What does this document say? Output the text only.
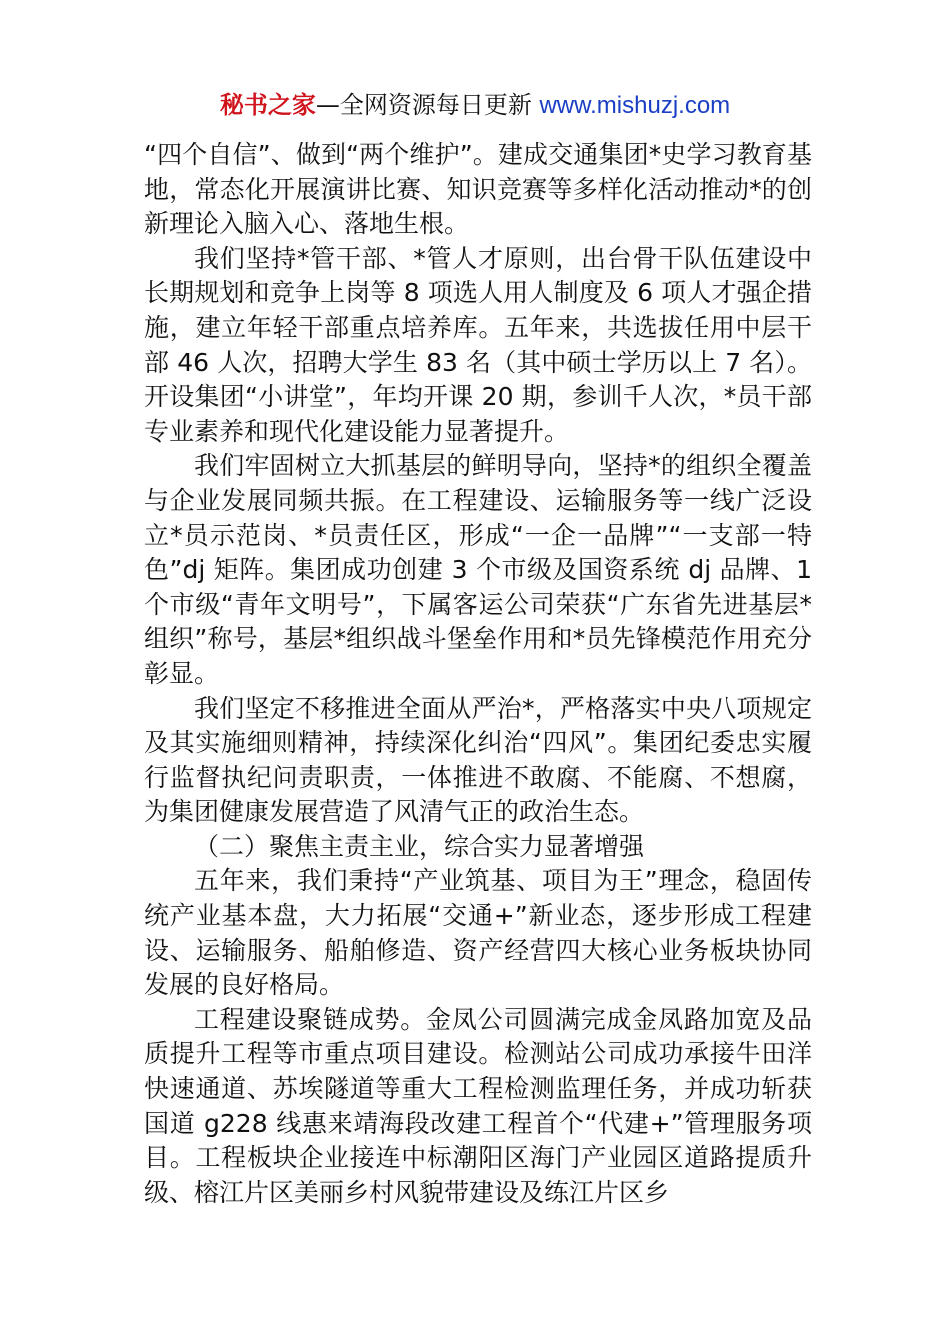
秘书之家—全网资源每日更新 www.mishuzj.com

“四个自信”、做到“两个维护”。建成交通集团*史学习教育基地，常态化开展演讲比赛、知识竞赛等多样化活动推动*的创新理论入脑入心、落地生根。

我们坚持*管干部、*管人才原则，出台骨干队伍建设中长期规划和竞争上岗等 8 项选人用人制度及 6 项人才强企措施，建立年轻干部重点培养库。五年来，共选拔任用中层干部 46 人次，招聘大学生 83 名（其中硕士学历以上 7 名）。开设集团“小讲堂”，年均开课 20 期，参训千人次，*员干部专业素养和现代化建设能力显著提升。

我们牢固树立大抓基层的鲜明导向，坚持*的组织全覆盖与企业发展同频共振。在工程建设、运输服务等一线广泛设立*员示范岗、*员责任区，形成“一企一品牌”“一支部一特色”dj 矩阵。集团成功创建 3 个市级及国资系统 dj 品牌、1 个市级“青年文明号”，下属客运公司荣获“广东省先进基层*组织”称号，基层*组织战斗堡垒作用和*员先锋模范作用充分彰显。

我们坚定不移推进全面从严治*，严格落实中央八项规定及其实施细则精神，持续深化纠治“四风”。集团纪委忠实履行监督执纪问责职责，一体推进不敢腐、不能腐、不想腐，为集团健康发展营造了风清气正的政治生态。

（二）聚焦主责主业，综合实力显著增强

五年来，我们秉持“产业筑基、项目为王”理念，稳固传统产业基本盘，大力拓展“交通+”新业态，逐步形成工程建设、运输服务、船舶修造、资产经营四大核心业务板块协同发展的良好格局。

工程建设聚链成势。金凤公司圆满完成金凤路加宽及品质提升工程等市重点项目建设。检测站公司成功承接牛田洋快速通道、苏埃隧道等重大工程检测监理任务，并成功斩获国道 g228 线惠来靖海段改建工程首个“代建+”管理服务项目。工程板块企业接连中标潮阳区海门产业园区道路提质升级、榕江片区美丽乡村风貌带建设及练江片区乡
